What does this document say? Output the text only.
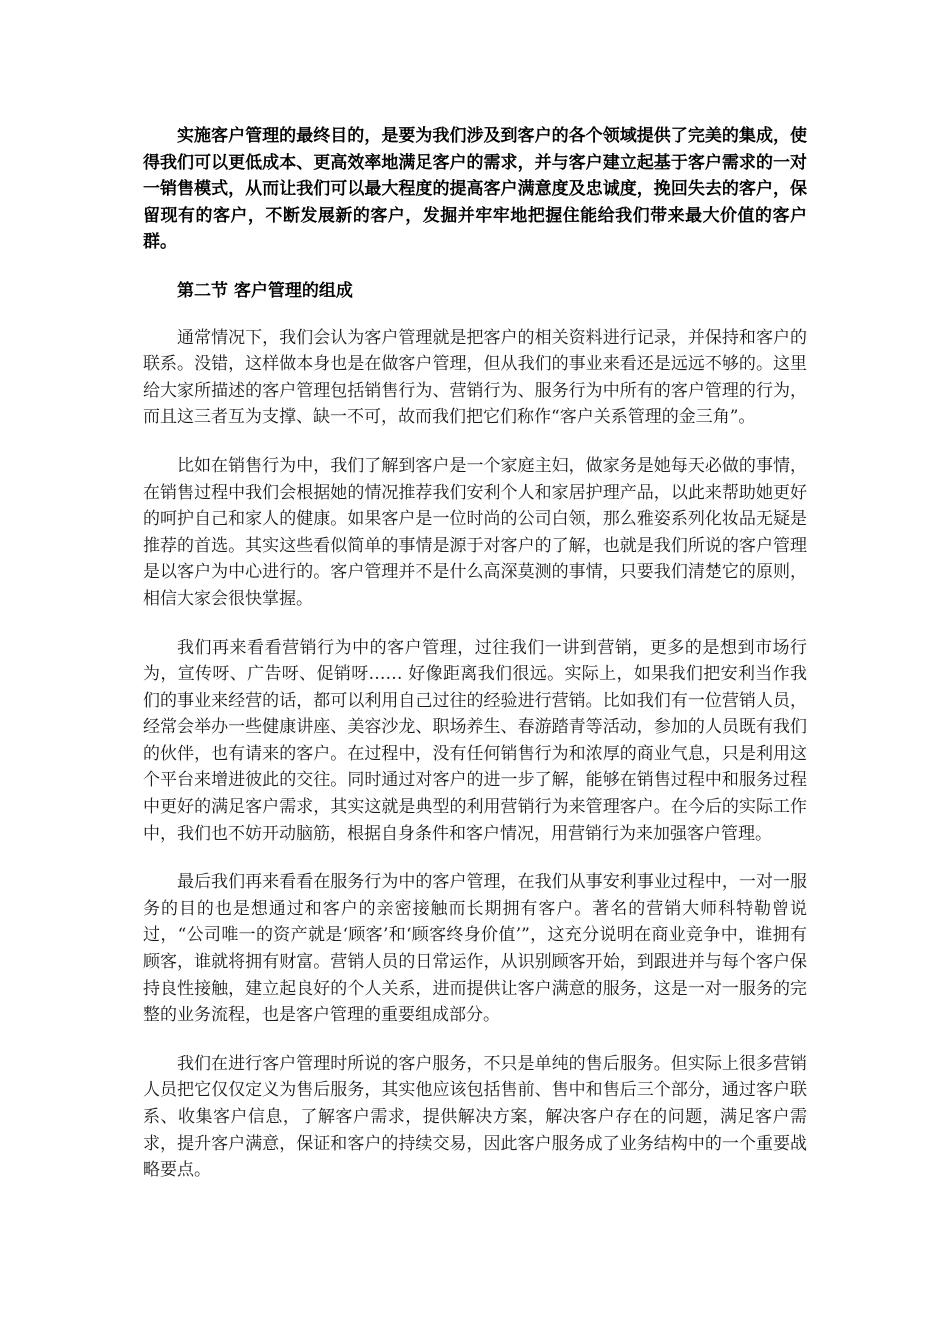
实施客户管理的最终目的，是要为我们涉及到客户的各个领域提供了完美的集成，使得我们可以更低成本、更高效率地满足客户的需求，并与客户建立起基于客户需求的一对一销售模式，从而让我们可以最大程度的提高客户满意度及忠诚度，挽回失去的客户，保留现有的客户，不断发展新的客户，发掘并牢牢地把握住能给我们带来最大价值的客户群。

第二节 客户管理的组成

通常情况下，我们会认为客户管理就是把客户的相关资料进行记录，并保持和客户的联系。没错，这样做本身也是在做客户管理，但从我们的事业来看还是远远不够的。这里给大家所描述的客户管理包括销售行为、营销行为、服务行为中所有的客户管理的行为，而且这三者互为支撑、缺一不可，故而我们把它们称作“客户关系管理的金三角”。

比如在销售行为中，我们了解到客户是一个家庭主妇，做家务是她每天必做的事情，在销售过程中我们会根据她的情况推荐我们安利个人和家居护理产品，以此来帮助她更好的呵护自己和家人的健康。如果客户是一位时尚的公司白领，那么雅姿系列化妆品无疑是推荐的首选。其实这些看似简单的事情是源于对客户的了解，也就是我们所说的客户管理是以客户为中心进行的。客户管理并不是什么高深莫测的事情，只要我们清楚它的原则，相信大家会很快掌握。

我们再来看看营销行为中的客户管理，过往我们一讲到营销，更多的是想到市场行为，宣传呀、广告呀、促销呀…… 好像距离我们很远。实际上，如果我们把安利当作我们的事业来经营的话，都可以利用自己过往的经验进行营销。比如我们有一位营销人员，经常会举办一些健康讲座、美容沙龙、职场养生、春游踏青等活动，参加的人员既有我们的伙伴，也有请来的客户。在过程中，没有任何销售行为和浓厚的商业气息，只是利用这个平台来增进彼此的交往。同时通过对客户的进一步了解，能够在销售过程中和服务过程中更好的满足客户需求，其实这就是典型的利用营销行为来管理客户。在今后的实际工作中，我们也不妨开动脑筋，根据自身条件和客户情况，用营销行为来加强客户管理。

最后我们再来看看在服务行为中的客户管理，在我们从事安利事业过程中，一对一服务的目的也是想通过和客户的亲密接触而长期拥有客户。著名的营销大师科特勒曾说过，“公司唯一的资产就是‘顾客’和‘顾客终身价值’”，这充分说明在商业竞争中，谁拥有顾客，谁就将拥有财富。营销人员的日常运作，从识别顾客开始，到跟进并与每个客户保持良性接触，建立起良好的个人关系，进而提供让客户满意的服务，这是一对一服务的完整的业务流程，也是客户管理的重要组成部分。

我们在进行客户管理时所说的客户服务，不只是单纯的售后服务。但实际上很多营销人员把它仅仅定义为售后服务，其实他应该包括售前、售中和售后三个部分，通过客户联系、收集客户信息，了解客户需求，提供解决方案，解决客户存在的问题，满足客户需求，提升客户满意，保证和客户的持续交易，因此客户服务成了业务结构中的一个重要战略要点。
